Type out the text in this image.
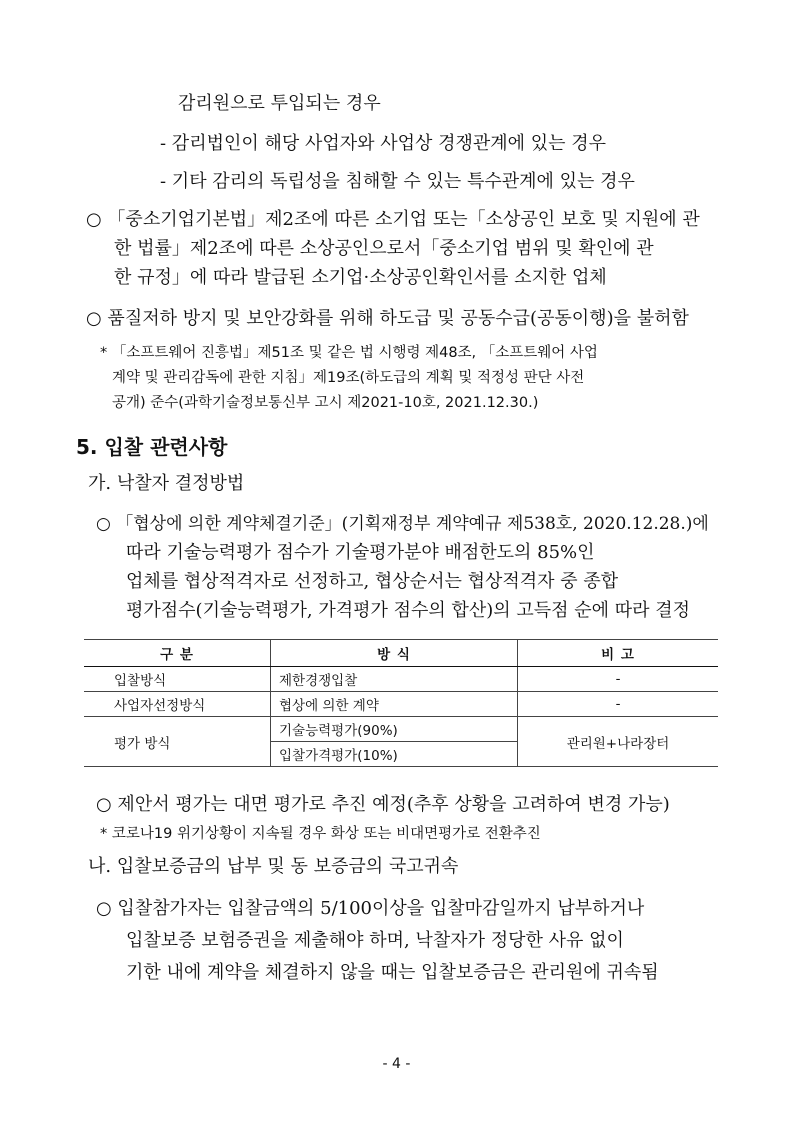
감리원으로 투입되는 경우
- 감리법인이 해당 사업자와 사업상 경쟁관계에 있는 경우
- 기타 감리의 독립성을 침해할 수 있는 특수관계에 있는 경우
○ 「중소기업기본법」제2조에 따른 소기업 또는「소상공인 보호 및 지원에 관
한 법률」제2조에 따른 소상공인으로서「중소기업 범위 및 확인에 관
한 규정」에 따라 발급된 소기업·소상공인확인서를 소지한 업체
○ 품질저하 방지 및 보안강화를 위해 하도급 및 공동수급(공동이행)을 불허함
* 「소프트웨어 진흥법」제51조 및 같은 법 시행령 제48조, 「소프트웨어 사업
계약 및 관리감독에 관한 지침」제19조(하도급의 계획 및 적정성 판단 사전
공개) 준수(과학기술정보통신부 고시 제2021-10호, 2021.12.30.)
5. 입찰 관련사항
가. 낙찰자 결정방법
○ 「협상에 의한 계약체결기준」(기획재정부 계약예규 제538호, 2020.12.28.)에
따라 기술능력평가 점수가 기술평가분야 배점한도의 85%인
업체를 협상적격자로 선정하고, 협상순서는 협상적격자 중 종합
평가점수(기술능력평가, 가격평가 점수의 합산)의 고득점 순에 따라 결정
구 분	방 식	비 고
입찰방식	제한경쟁입찰	-
사업자선정방식	협상에 의한 계약	-
평가 방식	기술능력평가(90%)	관리원+나라장터
	입찰가격평가(10%)	
○ 제안서 평가는 대면 평가로 추진 예정(추후 상황을 고려하여 변경 가능)
* 코로나19 위기상황이 지속될 경우 화상 또는 비대면평가로 전환추진
나. 입찰보증금의 납부 및 동 보증금의 국고귀속
○ 입찰참가자는 입찰금액의 5/100이상을 입찰마감일까지 납부하거나
입찰보증 보험증권을 제출해야 하며, 낙찰자가 정당한 사유 없이
기한 내에 계약을 체결하지 않을 때는 입찰보증금은 관리원에 귀속됨
- 4 -
